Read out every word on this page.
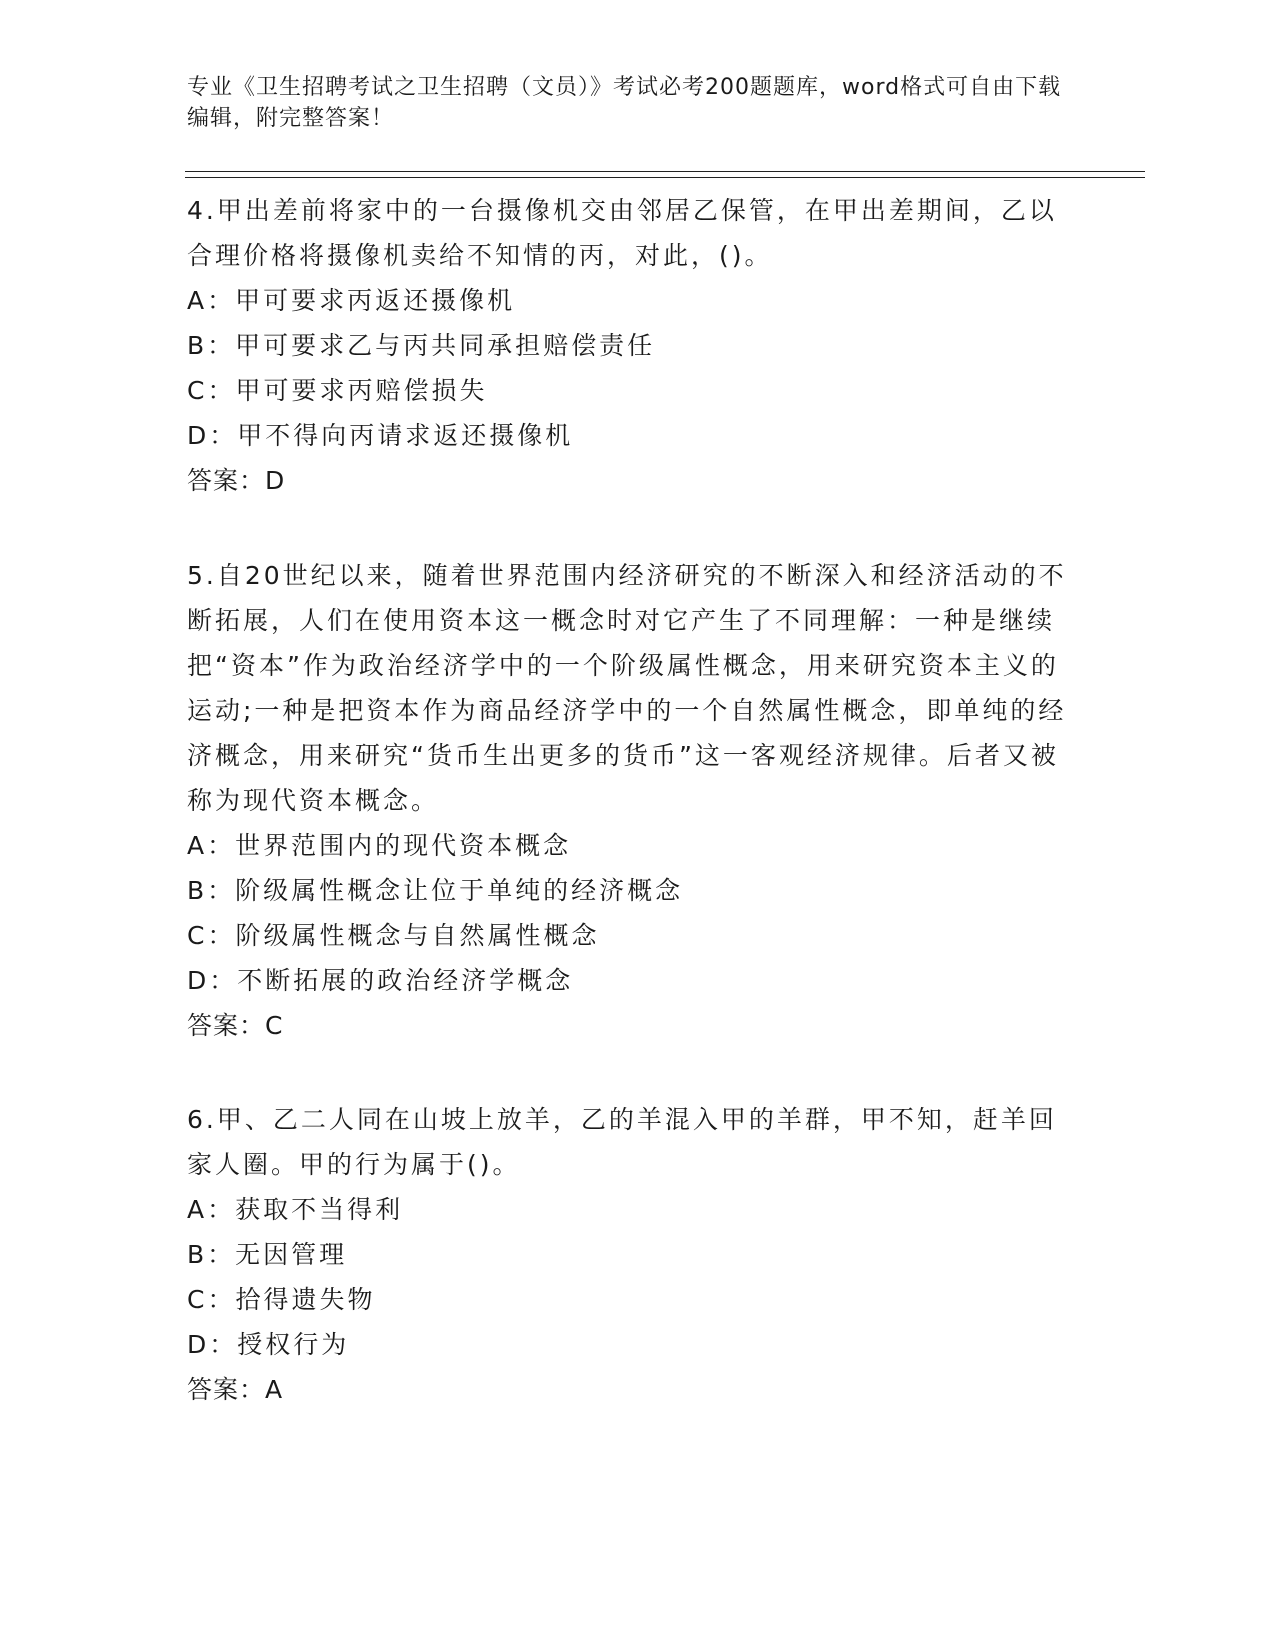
专业《卫生招聘考试之卫生招聘（文员）》考试必考200题题库，word格式可自由下载编辑，附完整答案！

4.甲出差前将家中的一台摄像机交由邻居乙保管，在甲出差期间，乙以合理价格将摄像机卖给不知情的丙，对此，()。

A：甲可要求丙返还摄像机

B：甲可要求乙与丙共同承担赔偿责任

C：甲可要求丙赔偿损失

D：甲不得向丙请求返还摄像机

答案：D

5.自20世纪以来，随着世界范围内经济研究的不断深入和经济活动的不断拓展，人们在使用资本这一概念时对它产生了不同理解：一种是继续把“资本”作为政治经济学中的一个阶级属性概念，用来研究资本主义的运动;一种是把资本作为商品经济学中的一个自然属性概念，即单纯的经济概念，用来研究“货币生出更多的货币”这一客观经济规律。后者又被称为现代资本概念。

A：世界范围内的现代资本概念

B：阶级属性概念让位于单纯的经济概念

C：阶级属性概念与自然属性概念

D：不断拓展的政治经济学概念

答案：C

6.甲、乙二人同在山坡上放羊，乙的羊混入甲的羊群，甲不知，赶羊回家人圈。甲的行为属于()。

A：获取不当得利

B：无因管理

C：拾得遗失物

D：授权行为

答案：A
